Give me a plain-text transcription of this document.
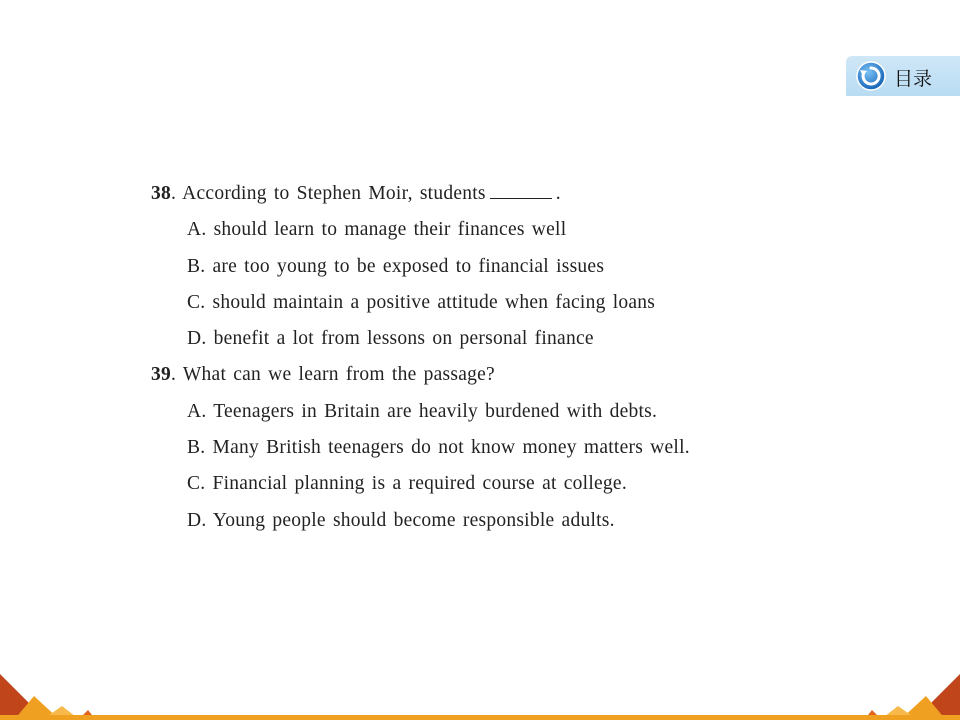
目录
38. According to Stephen Moir, students	.
A. should learn to manage their finances well
B. are too young to be exposed to financial issues
C. should maintain a positive attitude when facing loans
D. benefit a lot from lessons on personal finance
39. What can we learn from the passage?
A. Teenagers in Britain are heavily burdened with debts.
B. Many British teenagers do not know money matters well.
C. Financial planning is a required course at college.
D. Young people should become responsible adults.
